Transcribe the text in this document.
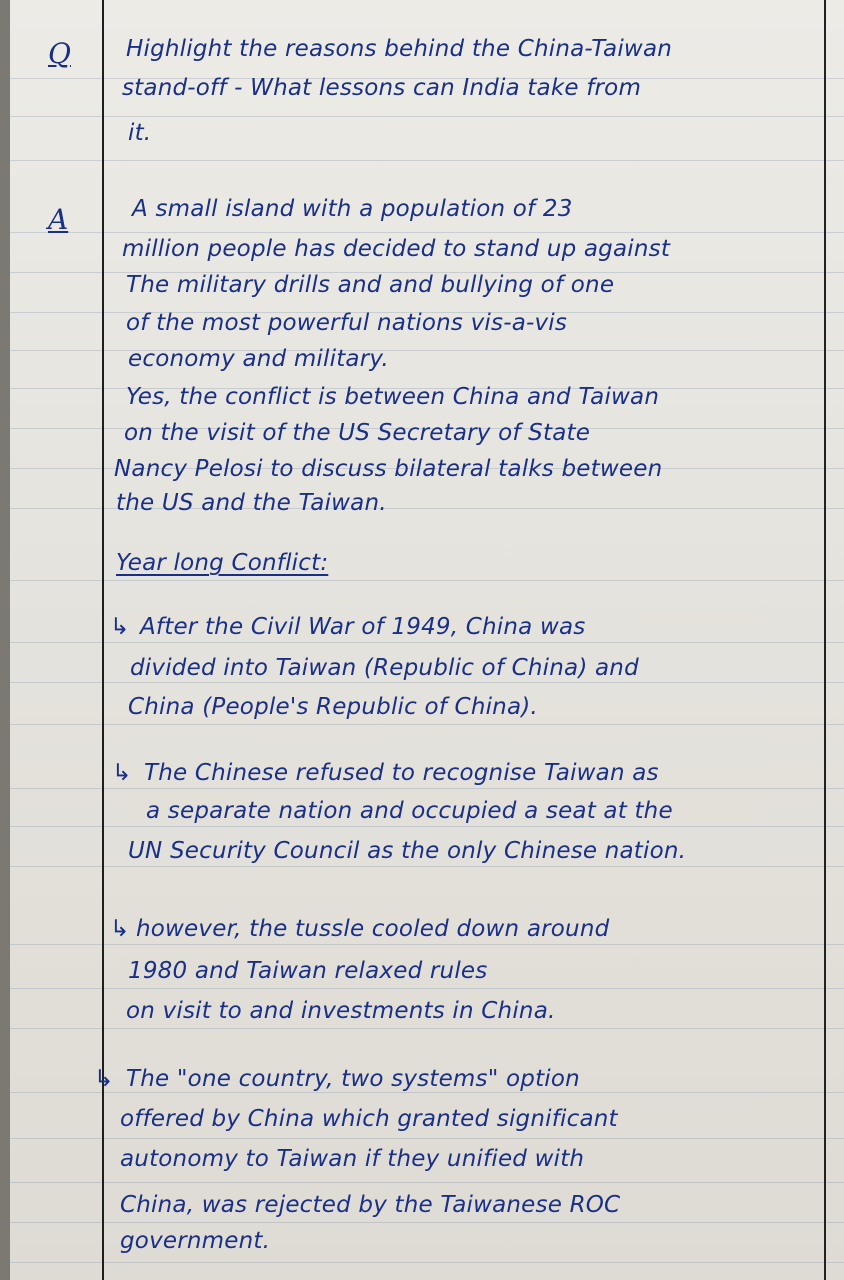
Q
A
Highlight the reasons behind the China-Taiwan
stand-off - What lessons can India take from
it.
A small island with a population of 23
million people has decided to stand up against
The military drills and and bullying of one
of the most powerful nations vis-a-vis
economy and military.
Yes, the conflict is between China and Taiwan
on the visit of the US Secretary of State
Nancy Pelosi to discuss bilateral talks between
the US and the Taiwan.
Year long Conflict:
↳ After the Civil War of 1949, China was
divided into Taiwan (Republic of China) and
China (People's Republic of China).
↳ The Chinese refused to recognise Taiwan as
a separate nation and occupied a seat at the
UN Security Council as the only Chinese nation.
↳ however, the tussle cooled down around
1980 and Taiwan relaxed rules
on visit to and investments in China.
↳ The "one country, two systems" option
offered by China which granted significant
autonomy to Taiwan if they unified with
China, was rejected by the Taiwanese ROC
government.
